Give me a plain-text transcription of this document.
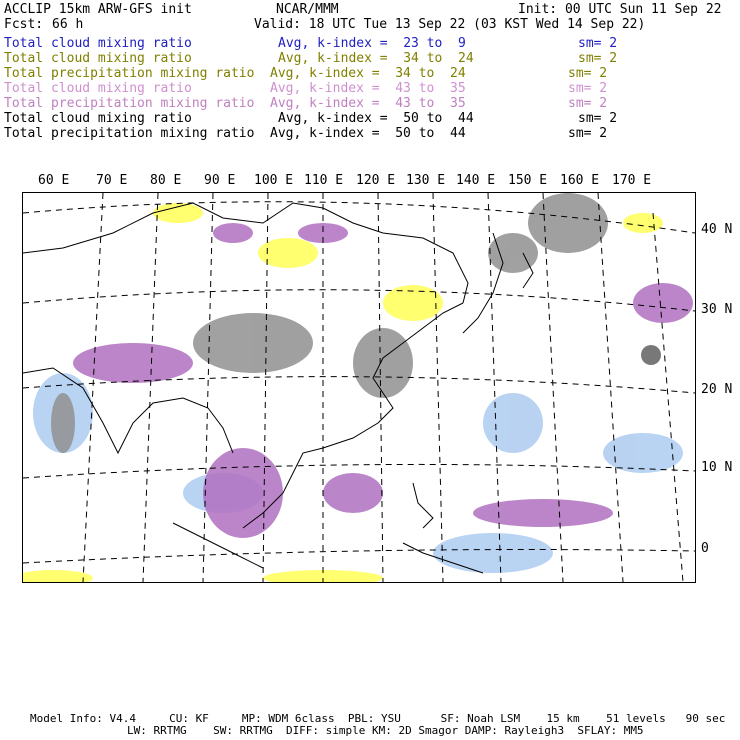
ACCLIP 15km ARW-GFS init	NCAR/MMM	Init: 00 UTC Sun 11 Sep 22
Fcst: 66 h	Valid: 18 UTC Tue 13 Sep 22 (03 KST Wed 14 Sep 22)
Total cloud mixing ratio	Avg, k-index =  23 to  9	sm= 2
Total cloud mixing ratio	Avg, k-index =  34 to  24	sm= 2
Total precipitation mixing ratio Avg, k-index =  34 to  24	sm= 2
Total cloud mixing ratio	Avg, k-index =  43 to  35	sm= 2
Total precipitation mixing ratio Avg, k-index =  43 to  35	sm= 2
Total cloud mixing ratio	Avg, k-index =  50 to  44	sm= 2
Total precipitation mixing ratio Avg, k-index =  50 to  44	sm= 2
60 E 70 E 80 E 90 E 100 E 110 E 120 E 130 E 140 E 150 E 160 E 170 E
40 N
30 N
20 N
10 N
0
Model Info: V4.4     CU: KF     MP: WDM 6class  PBL: YSU      SF: Noah LSM    15 km    51 levels   90 sec
LW: RRTMG    SW: RRTMG  DIFF: simple KM: 2D Smagor DAMP: Rayleigh3  SFLAY: MM5
